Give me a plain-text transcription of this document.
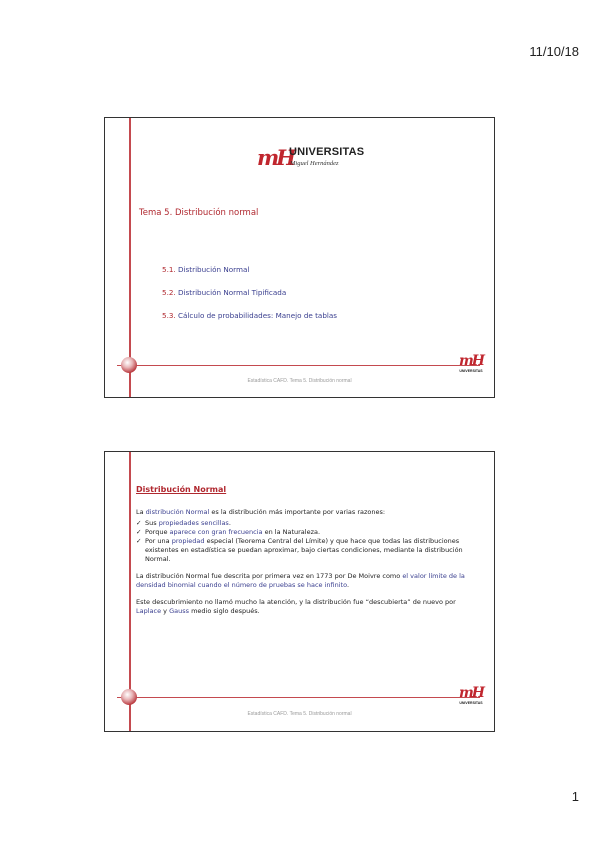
11/10/18
mH
UNIVERSITAS
Miguel Hernández
Tema 5. Distribución normal
5.1. Distribución Normal
5.2. Distribución Normal Tipificada
5.3. Cálculo de probabilidades: Manejo de tablas
mH
UNIVERSITAS
Estadística CAFD. Tema 5. Distribución normal
Distribución Normal

La distribución Normal es la distribución más importante por varias razones:

✓ Sus propiedades sencillas.
✓ Porque aparece con gran frecuencia en la Naturaleza.
✓ Por una propiedad especial (Teorema Central del Límite) y que hace que todas las distribuciones existentes en estadística se puedan aproximar, bajo ciertas condiciones, mediante la distribución Normal.

La distribución Normal fue descrita por primera vez en 1773 por De Moivre como el valor límite de la densidad binomial cuando el número de pruebas se hace infinito.

Este descubrimiento no llamó mucho la atención, y la distribución fue “descubierta” de nuevo por Laplace y Gauss medio siglo después.

mH
UNIVERSITAS
Estadística CAFD. Tema 5. Distribución normal
1
